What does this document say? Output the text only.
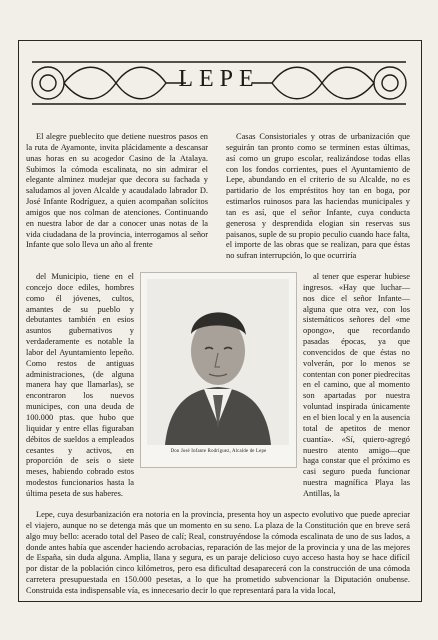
LEPE

El alegre pueblecito que detiene nuestros pasos en la ruta de Ayamonte, invita plácidamente a descansar unas horas en su acogedor Casino de la Atalaya. Subimos la cómoda escalinata, no sin admirar el elegante alminez mudejar que decora su fachada y saludamos al joven Alcalde y acaudalado labrador D. José Infante Rodríguez, a quien acompañan solícitos amigos que nos colman de atenciones. Continuando en nuestra labor de dar a conocer unas notas de la vida ciudadana de la provincia, interrogamos al señor Infante que solo lleva un año al frente

Casas Consistoriales y otras de urbanización que seguirán tan pronto como se terminen estas últimas, así como un grupo escolar, realizándose todas ellas con los fondos corrientes, pues el Ayuntamiento de Lepe, abundando en el criterio de su Alcalde, no es partidario de los empréstitos hoy tan en boga, por estimarlos ruinosos para las haciendas municipales y tan es así, que el señor Infante, cuya conducta generosa y desprendida elogian sin reservas sus paisanos, suple de su propio peculio cuando hace falta, el importe de las obras que se realizan, para que éstas no sufran interrupción, lo que ocurriría

del Municipio, tiene en el concejo doce ediles, hombres como él jóvenes, cultos, amantes de su pueblo y debutantes también en esios asuntos gubernativos y verdaderamente es notable la labor del Ayuntamiento lepeño. Como restos de antiguas administraciones, (de alguna manera hay que llamarlas), se encontraron los nuevos municipes, con una deuda de 100.000 ptas. que hubo que liquidar y entre ellas figuraban débitos de sueldos a empleados cesantes y activos, en proporción de seis o siete meses, habiendo cobrado estos modestos funcionarios hasta la última peseta de sus haberes.

al tener que esperar hubiese ingresos. «Hay que luchar—nos dice el señor Infante—alguna que otra vez, con los sistemáticos señores del «me opongo», que recordando pasadas épocas, ya que convencidos de que éstas no volverán, por lo menos se contentan con poner piedrecitas en el camino, que al momento son apartadas por nuestra voluntad inspirada únicamente en el bien local y en la ausencia total de apetitos de menor cuantía». «Sí, quiero-agregó nuestro atento amigo—que haga constar que el próximo es casi seguro pueda funcionar nuestra magnífica Playa las Antillas, la

Don José Infante Rodríguez, Alcalde de Lepe

Lepe, cuya desurbanización era notoria en la provincia, presenta hoy un aspecto evolutivo que puede apreciar el viajero, aunque no se detenga más que un momento en su seno. La plaza de la Constitución que en breve será algo muy bello: acerado total del Paseo de calí; Real, construyéndose la cómoda escalinata de uno de sus lados, a donde antes había que ascender haciendo acrobacias, reparación de las mejor de la provincia y una de las mejores de España, sin duda alguna. Amplia, llana y segura, es un paraje delicioso cuyo acceso hasta hoy se hace difícil por distar de la población cinco kilómetros, pero esa dificultad desaparecerá con la construcción de una cómoda carretera presupuestada en 150.000 pesetas, a lo que ha prometido subvencionar la Diputación onubense. Construida esta indispensable vía, es innecesario decir lo que representará para la vida local,
